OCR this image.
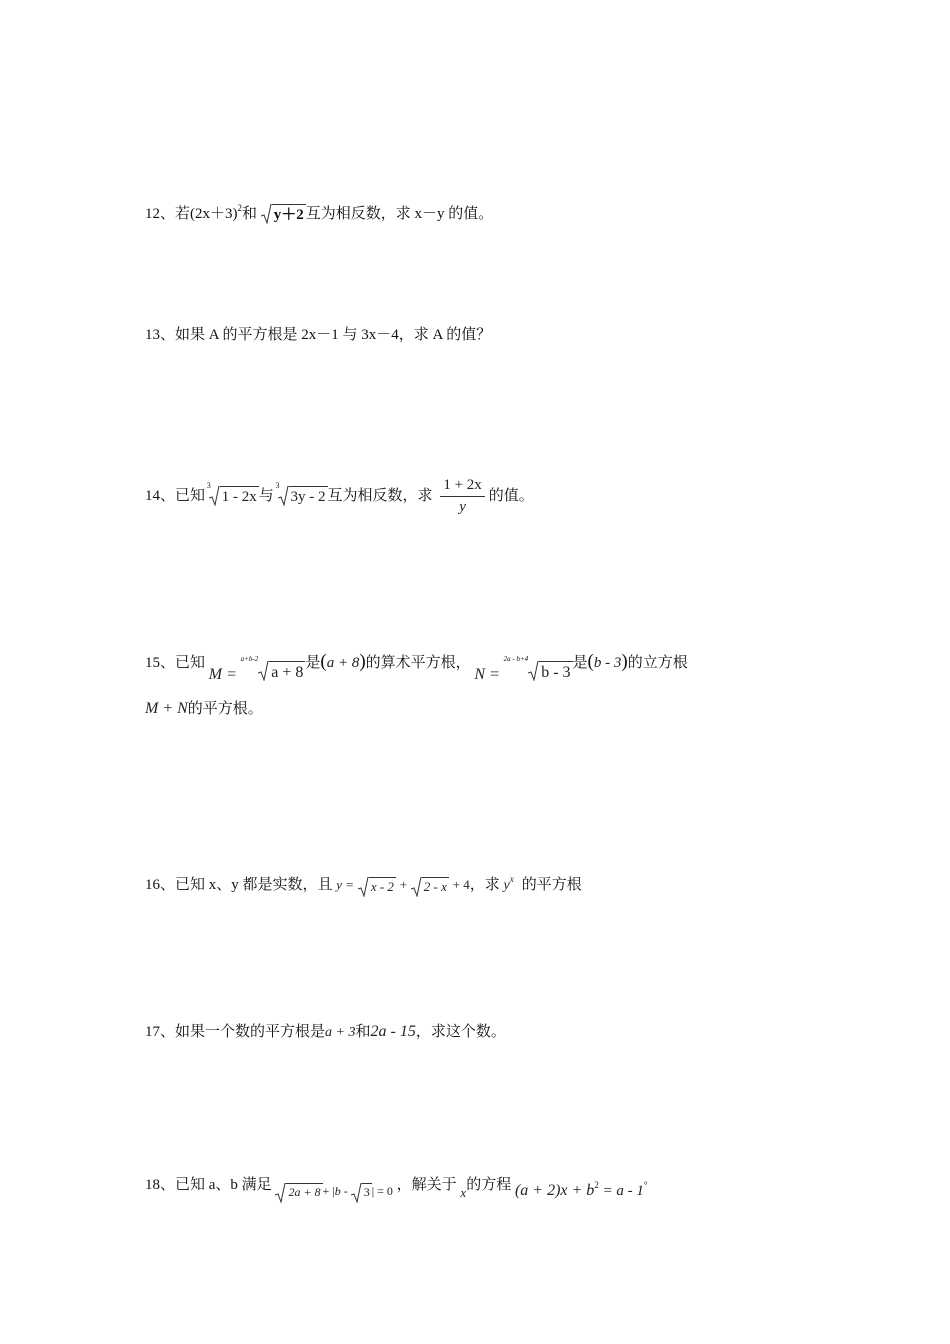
12、若$(2x+3)^2$和 y＋2 互为相反数，求 x－y 的值。
13、如果 A 的平方根是 2x－1 与 3x－4，求 A 的值？
14、已知
3
1 - 2x 与
3
3y - 2 互为相反数，求 $\frac{1 + 2x}{y}$ 的值。
15、已知 M = $^{a+b-2}$
a + 8是(a + 8)的算术平方根， N = $^{2a - b+4}$
b - 3是(b - 3)的立方根
M + N的平方根。
16、已知 x、y 都是实数，且 y = x - 2 + 2 - x + 4，求 $y^x$ 的平方根
17、如果一个数的平方根是a + 3和2a - 15，求这个数。
18、已知 a、b 满足 2a + 8 + |b -
3 | = 0 ，解关于 x的方程 $(a + 2)x + b^2 = a - 1^\circ$
